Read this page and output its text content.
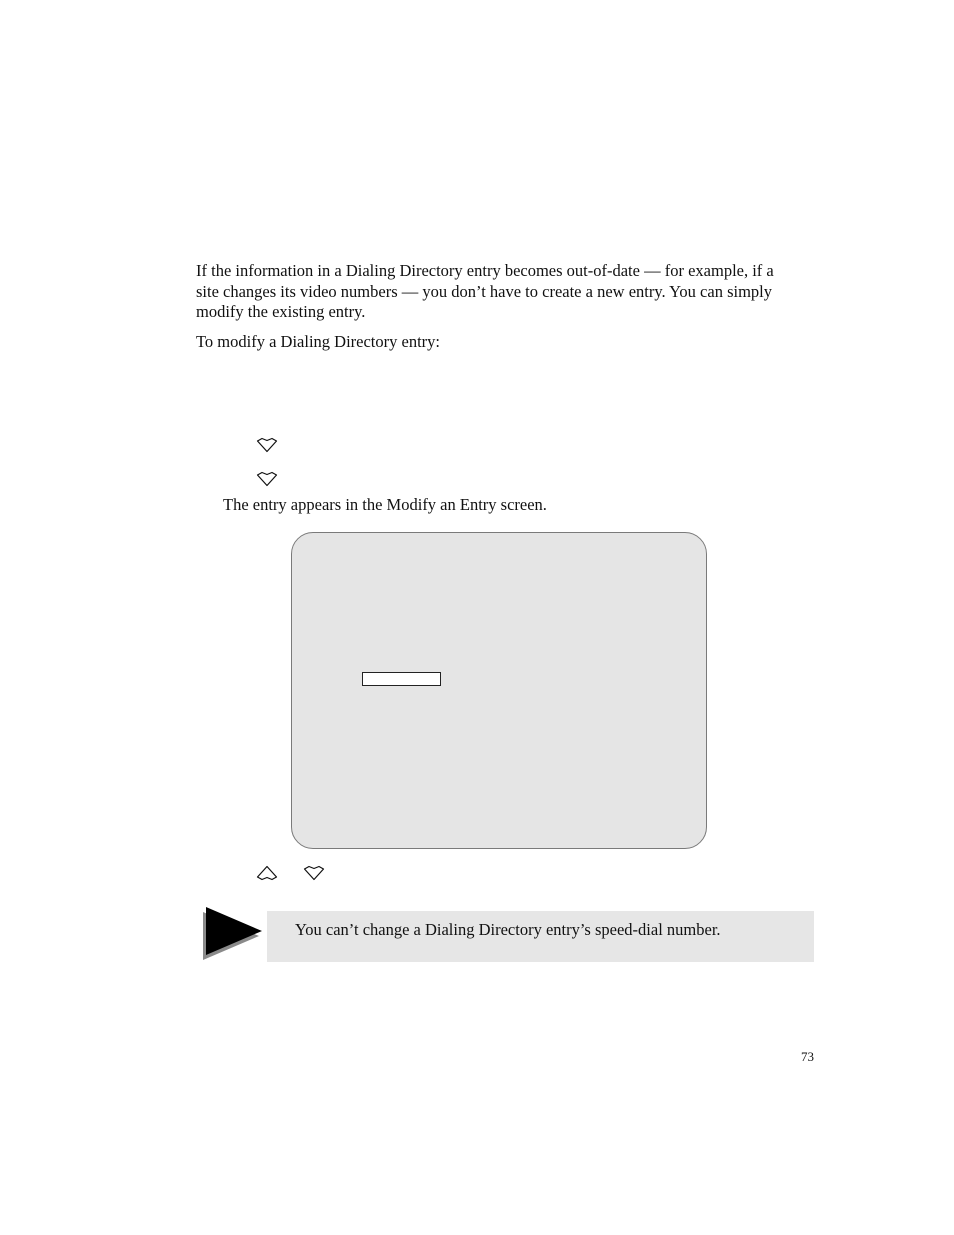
If the information in a Dialing Directory entry becomes out-of-date — for example, if a site changes its video numbers — you don’t have to create a new entry. You can simply modify the existing entry.

To modify a Dialing Directory entry:

The entry appears in the Modify an Entry screen.

You can’t change a Dialing Directory entry’s speed-dial number.

73
